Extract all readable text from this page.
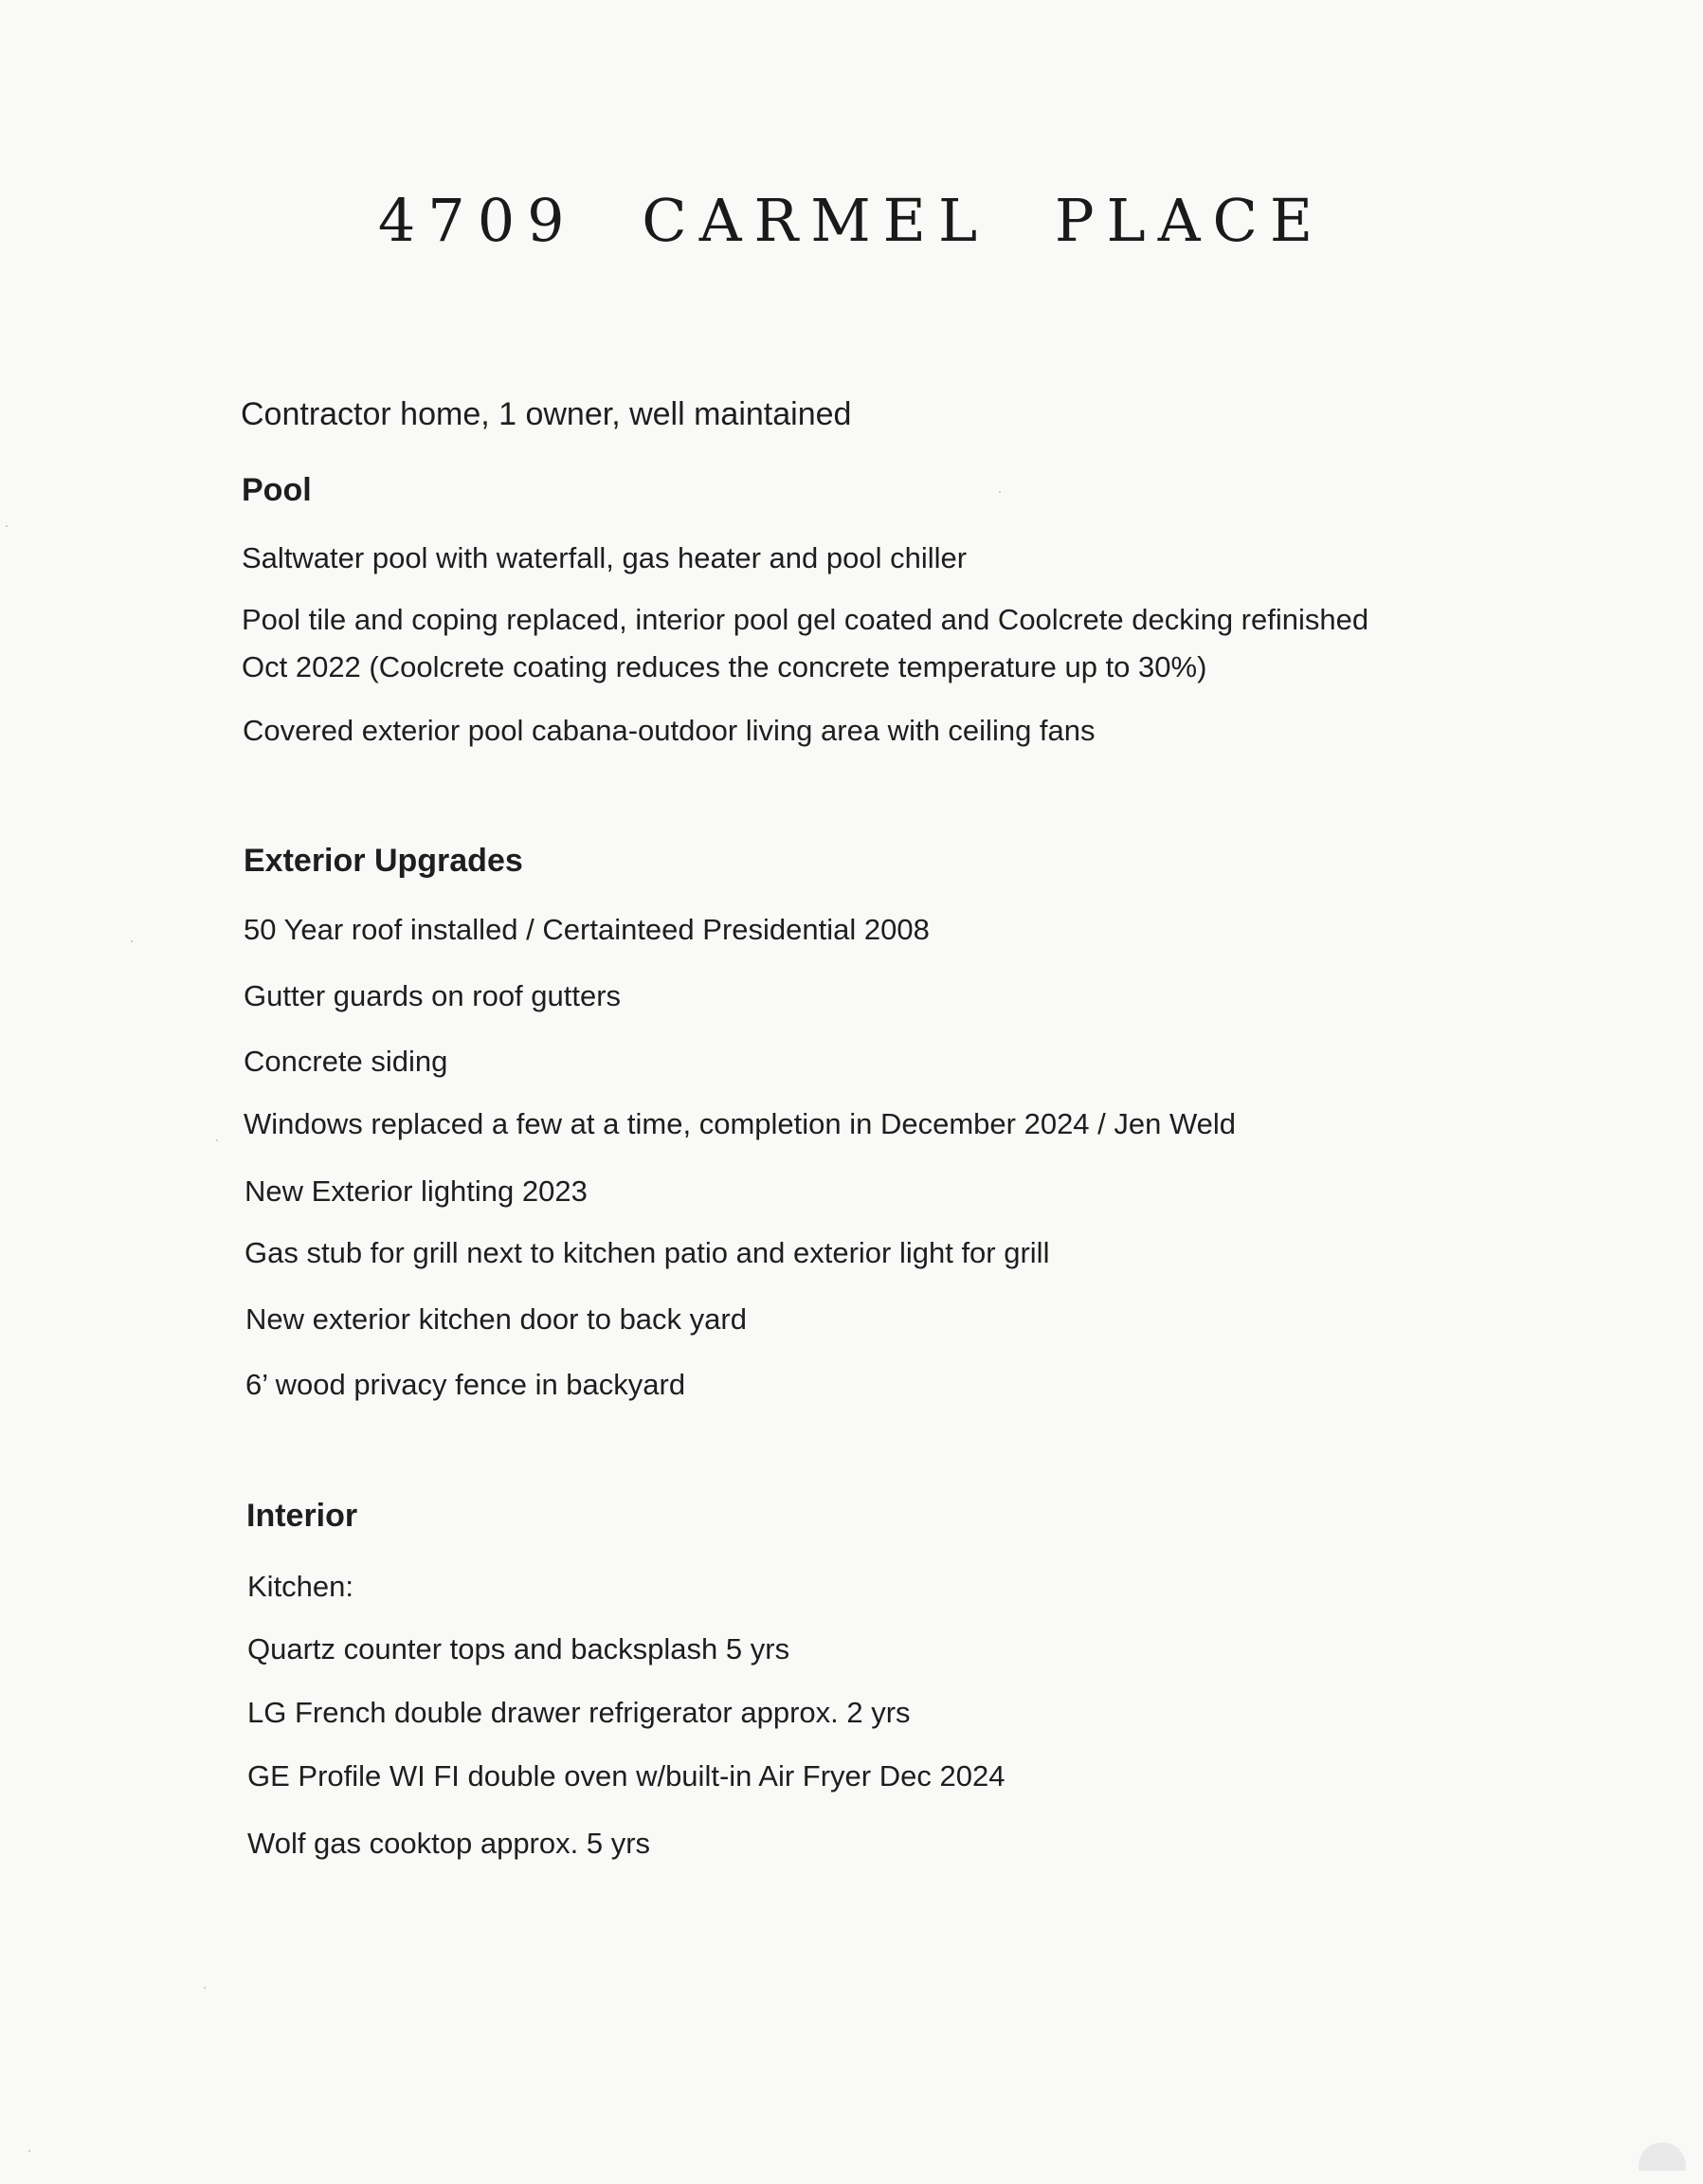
4709 CARMEL PLACE
Contractor home, 1 owner, well maintained
Pool
Saltwater pool with waterfall, gas heater and pool chiller
Pool tile and coping replaced, interior pool gel coated and Coolcrete decking refinished
Oct 2022 (Coolcrete coating reduces the concrete temperature up to 30%)
Covered exterior pool cabana-outdoor living area with ceiling fans
Exterior Upgrades
50 Year roof installed / Certainteed Presidential 2008
Gutter guards on roof gutters
Concrete siding
Windows replaced a few at a time, completion in December 2024 / Jen Weld
New Exterior lighting 2023
Gas stub for grill next to kitchen patio and exterior light for grill
New exterior kitchen door to back yard
6’ wood privacy fence in backyard
Interior
Kitchen:
Quartz counter tops and backsplash 5 yrs
LG French double drawer refrigerator approx. 2 yrs
GE Profile WI FI double oven w/built-in Air Fryer Dec 2024
Wolf gas cooktop approx. 5 yrs
